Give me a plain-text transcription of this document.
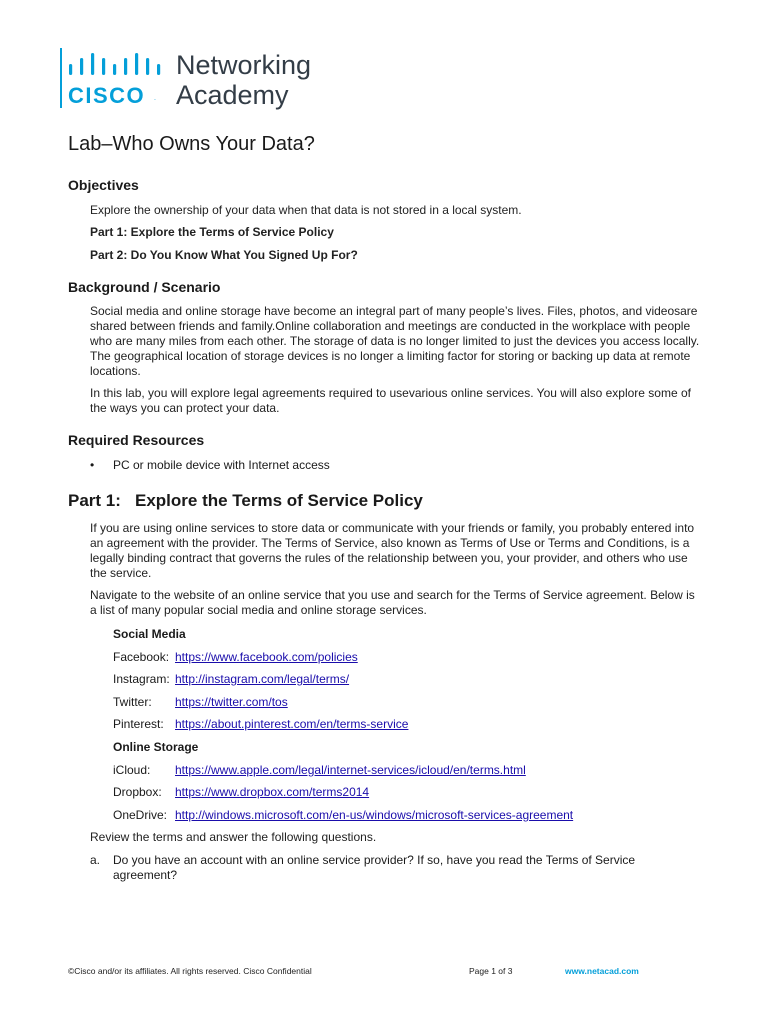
CISCO .
Networking
Academy
Lab–Who Owns Your Data?
Objectives

Explore the ownership of your data when that data is not stored in a local system.

Part 1: Explore the Terms of Service Policy

Part 2: Do You Know What You Signed Up For?

Background / Scenario

Social media and online storage have become an integral part of many people’s lives. Files, photos, and videosare shared between friends and family.Online collaboration and meetings are conducted in the workplace with people who are many miles from each other. The storage of data is no longer limited to just the devices you access locally. The geographical location of storage devices is no longer a limiting factor for storing or backing up data at remote locations.

In this lab, you will explore legal agreements required to usevarious online services. You will also explore some of the ways you can protect your data.

Required Resources
• PC or mobile device with Internet access
Part 1: Explore the Terms of Service Policy

If you are using online services to store data or communicate with your friends or family, you probably entered into an agreement with the provider. The Terms of Service, also known as Terms of Use or Terms and Conditions, is a legally binding contract that governs the rules of the relationship between you, your provider, and others who use the service.

Navigate to the website of an online service that you use and search for the Terms of Service agreement. Below is a list of many popular social media and online storage services.

Social Media
Facebook: https://www.facebook.com/policies
Instagram: http://instagram.com/legal/terms/
Twitter: https://twitter.com/tos
Pinterest: https://about.pinterest.com/en/terms-service
Online Storage
iCloud: https://www.apple.com/legal/internet-services/icloud/en/terms.html
Dropbox: https://www.dropbox.com/terms2014
OneDrive: http://windows.microsoft.com/en-us/windows/microsoft-services-agreement

Review the terms and answer the following questions.

a. Do you have an account with an online service provider? If so, have you read the Terms of Service agreement?
©Cisco and/or its affiliates. All rights reserved. Cisco Confidential	Page 1 of 3	www.netacad.com
